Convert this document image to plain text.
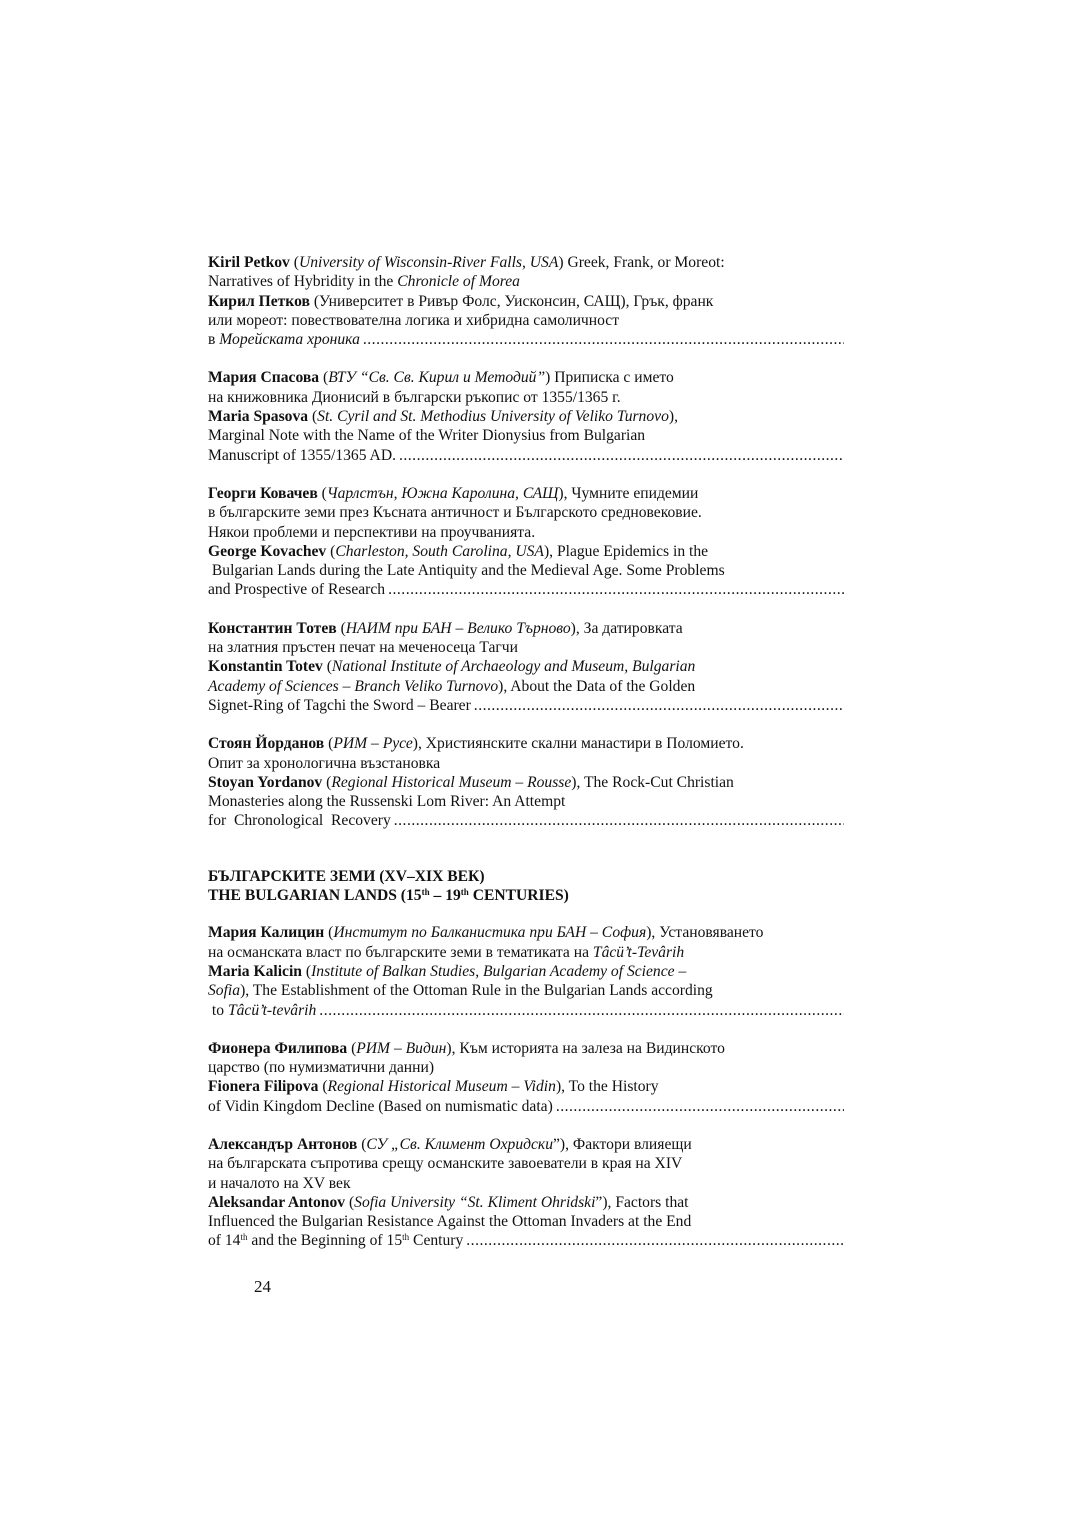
Kiril Petkov (University of Wisconsin-River Falls, USA) Greek, Frank, or Moreot:
Narratives of Hybridity in the Chronicle of Morea
Кирил Петков (Университет в Ривър Фолс, Уисконсин, САЩ), Грък, франк
или мореот: повествователна логика и хибридна самоличност
в Морейската хроника
.....
Мария Спасова (ВТУ “Св. Св. Кирил и Методий”) Приписка с името
на книжовника Дионисий в български ръкопис от 1355/1365 г.
Maria Spasova (St. Cyril and St. Methodius University of Veliko Turnovo),
Marginal Note with the Name of the Writer Dionysius from Bulgarian
Manuscript of 1355/1365 AD.
.....
Георги Ковачев (Чарлстън, Южна Каролина, САЩ), Чумните епидемии
в българските земи през Късната античност и Българското средновековие.
Някои проблеми и перспективи на проучванията.
George Kovachev (Charleston, South Carolina, USA), Plague Epidemics in the
Bulgarian Lands during the Late Antiquity and the Medieval Age. Some Problems
and Prospective of Research
.....
Константин Тотев (НАИМ при БАН – Велико Търново), За датировката
на златния пръстен печат на меченосеца Тагчи
Konstantin Totev (National Institute of Archaeology and Museum, Bulgarian
Academy of Sciences – Branch Veliko Turnovo), About the Data of the Golden
Signet-Ring of Tagchi the Sword – Bearer
.....
Стоян Йорданов (РИМ – Русе), Християнските скални манастири в Поломието.
Опит за хронологична възстановка
Stoyan Yordanov (Regional Historical Museum – Rousse), The Rock-Cut Christian
Monasteries along the Russenski Lom River: An Attempt
for  Chronological  Recovery
.....
БЪЛГАРСКИТЕ ЗЕМИ (XV–XIX ВЕК)
THE BULGARIAN LANDS (15th – 19th CENTURIES)
Мария Калицин (Институт по Балканистика при БАН – София), Установяването
на османската власт по българските земи в тематиката на Tâcü’t-Tevârih
Maria Kalicin (Institute of Balkan Studies, Bulgarian Academy of Science –
Sofia), The Establishment of the Ottoman Rule in the Bulgarian Lands according
to Tâcü’t-tevârih
.....
Фионера Филипова (РИМ – Видин), Към историята на залеза на Видинското
царство (по нумизматични данни)
Fionera Filipova (Regional Historical Museum – Vidin), To the History
of Vidin Kingdom Decline (Based on numismatic data)
.....
Александър Антонов (СУ „Св. Климент Охридски”), Фактори влияещи
на българската съпротива срещу османските завоеватели в края на XIV
и началото на XV век
Aleksandar Antonov (Sofia University “St. Kliment Ohridski”), Factors that
Influenced the Bulgarian Resistance Against the Ottoman Invaders at the End
of 14th and the Beginning of 15th Century
.....
24
